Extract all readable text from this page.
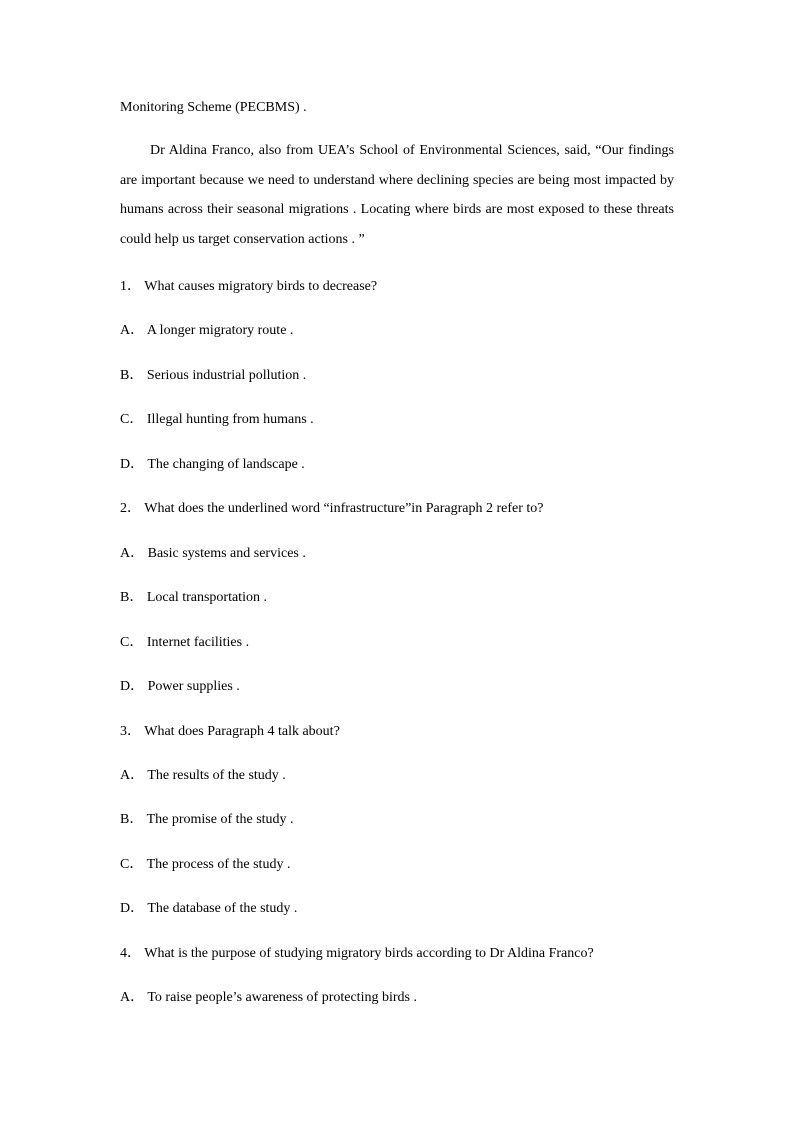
Monitoring Scheme (PECBMS) .
Dr Aldina Franco, also from UEA’s School of Environmental Sciences, said, “Our findings are important because we need to understand where declining species are being most impacted by humans across their seasonal migrations . Locating where birds are most exposed to these threats could help us target conservation actions . ”
1． What causes migratory birds to decrease?
A． A longer migratory route .
B． Serious industrial pollution .
C． Illegal hunting from humans .
D． The changing of landscape .
2． What does the underlined word “infrastructure”in Paragraph 2 refer to?
A． Basic systems and services .
B． Local transportation .
C． Internet facilities .
D． Power supplies .
3． What does Paragraph 4 talk about?
A． The results of the study .
B． The promise of the study .
C． The process of the study .
D． The database of the study .
4． What is the purpose of studying migratory birds according to Dr Aldina Franco?
A． To raise people’s awareness of protecting birds .
